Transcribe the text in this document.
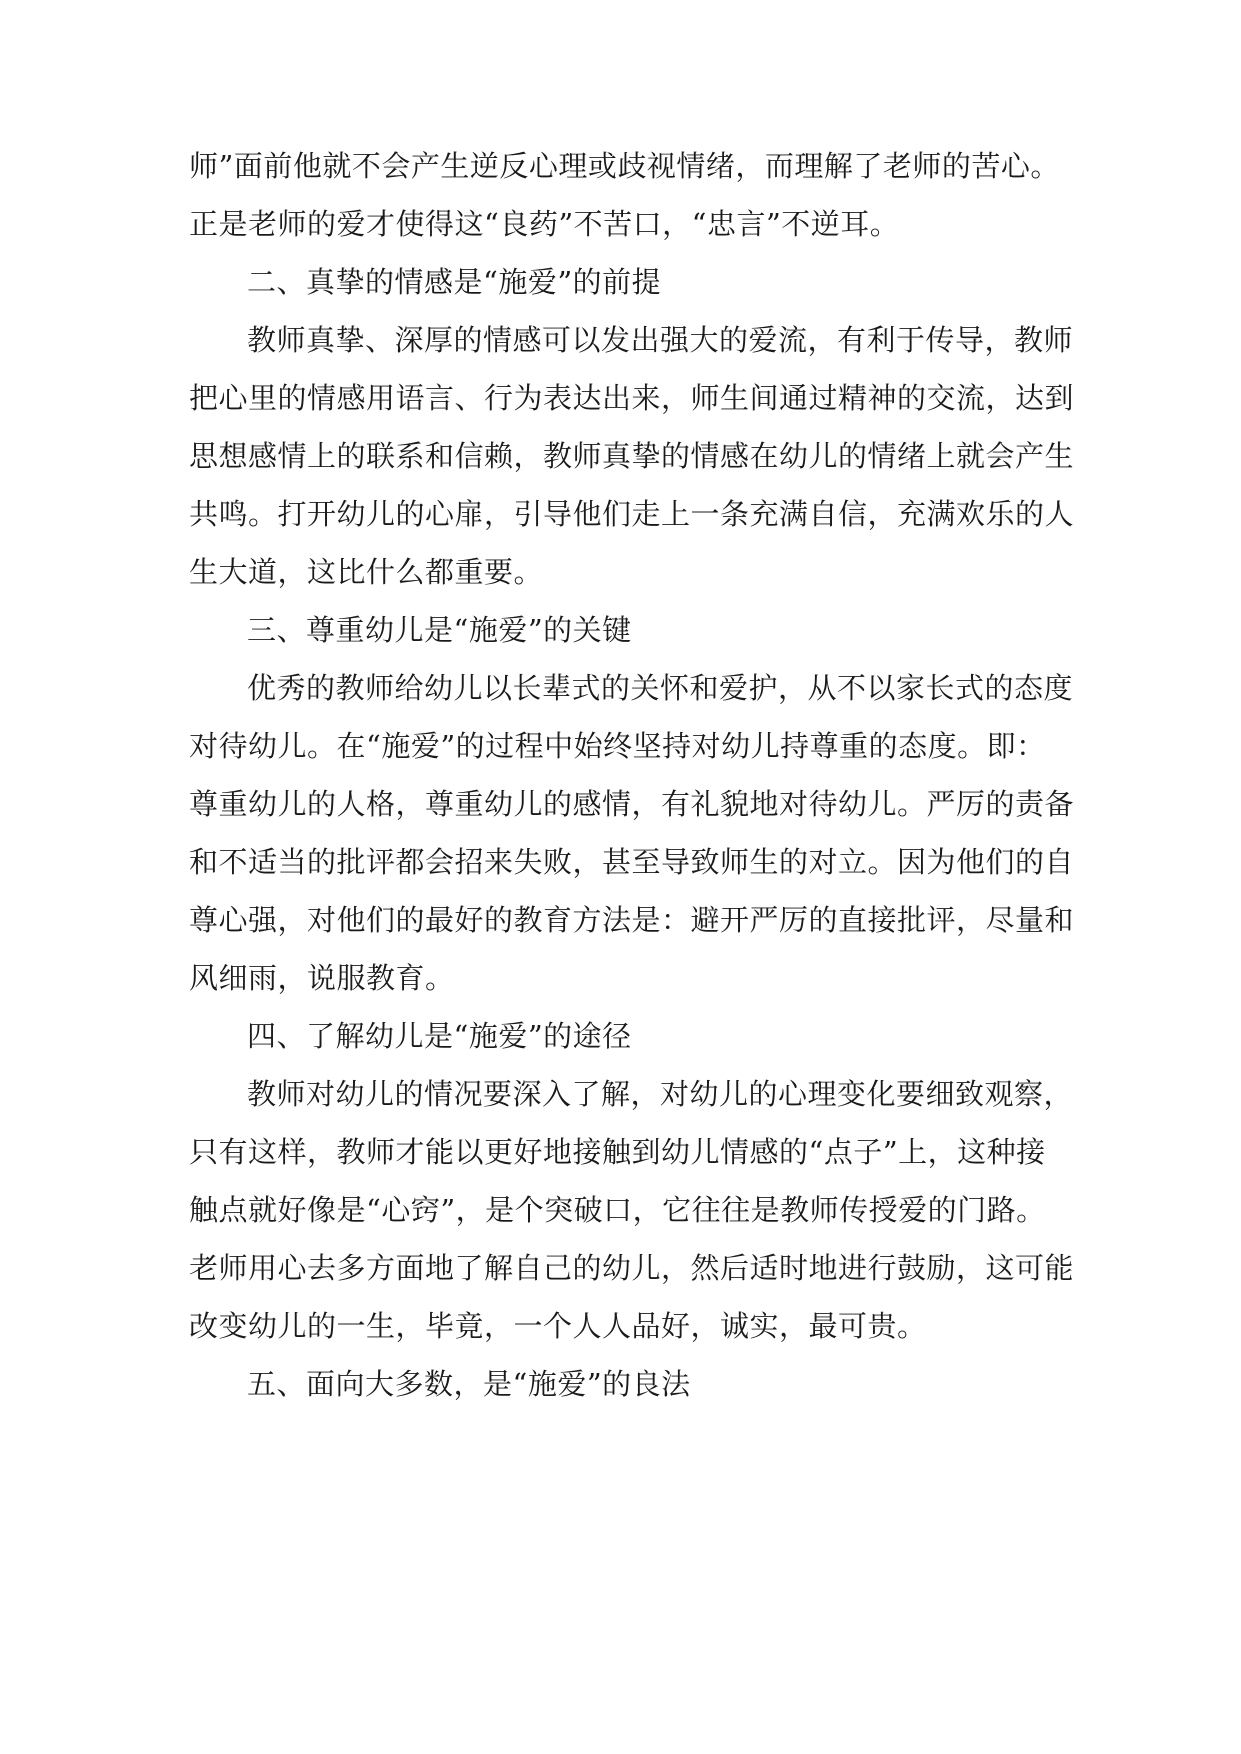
师”面前他就不会产生逆反心理或歧视情绪，而理解了老师的苦心。
正是老师的爱才使得这“良药”不苦口，“忠言”不逆耳。
二、真挚的情感是“施爱”的前提
教师真挚、深厚的情感可以发出强大的爱流，有利于传导，教师
把心里的情感用语言、行为表达出来，师生间通过精神的交流，达到
思想感情上的联系和信赖，教师真挚的情感在幼儿的情绪上就会产生
共鸣。打开幼儿的心扉，引导他们走上一条充满自信，充满欢乐的人
生大道，这比什么都重要。
三、尊重幼儿是“施爱”的关键
优秀的教师给幼儿以长辈式的关怀和爱护，从不以家长式的态度
对待幼儿。在“施爱”的过程中始终坚持对幼儿持尊重的态度。即：
尊重幼儿的人格，尊重幼儿的感情，有礼貌地对待幼儿。严厉的责备
和不适当的批评都会招来失败，甚至导致师生的对立。因为他们的自
尊心强，对他们的最好的教育方法是：避开严厉的直接批评，尽量和
风细雨，说服教育。
四、了解幼儿是“施爱”的途径
教师对幼儿的情况要深入了解，对幼儿的心理变化要细致观察，
只有这样，教师才能以更好地接触到幼儿情感的“点子”上，这种接
触点就好像是“心窍”，是个突破口，它往往是教师传授爱的门路。
老师用心去多方面地了解自己的幼儿，然后适时地进行鼓励，这可能
改变幼儿的一生，毕竟，一个人人品好，诚实，最可贵。
五、面向大多数，是“施爱”的良法
